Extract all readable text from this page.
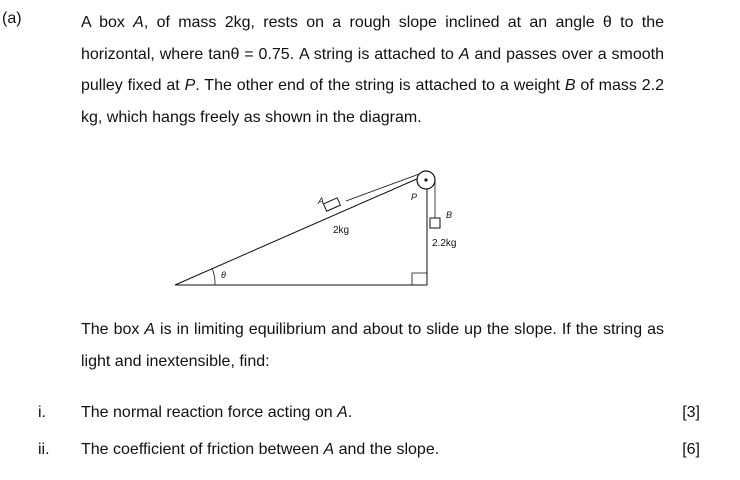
(a)	A box A, of mass 2kg, rests on a rough slope inclined at an angle θ to the horizontal, where tanθ = 0.75. A string is attached to A and passes over a smooth pulley fixed at P. The other end of the string is attached to a weight B of mass 2.2 kg, which hangs freely as shown in the diagram.
A	P
B
2kg
2.2kg
θ
The box A is in limiting equilibrium and about to slide up the slope. If the string as light and inextensible, find:
i. The normal reaction force acting on A.	[3]
ii. The coefficient of friction between A and the slope.	[6]
